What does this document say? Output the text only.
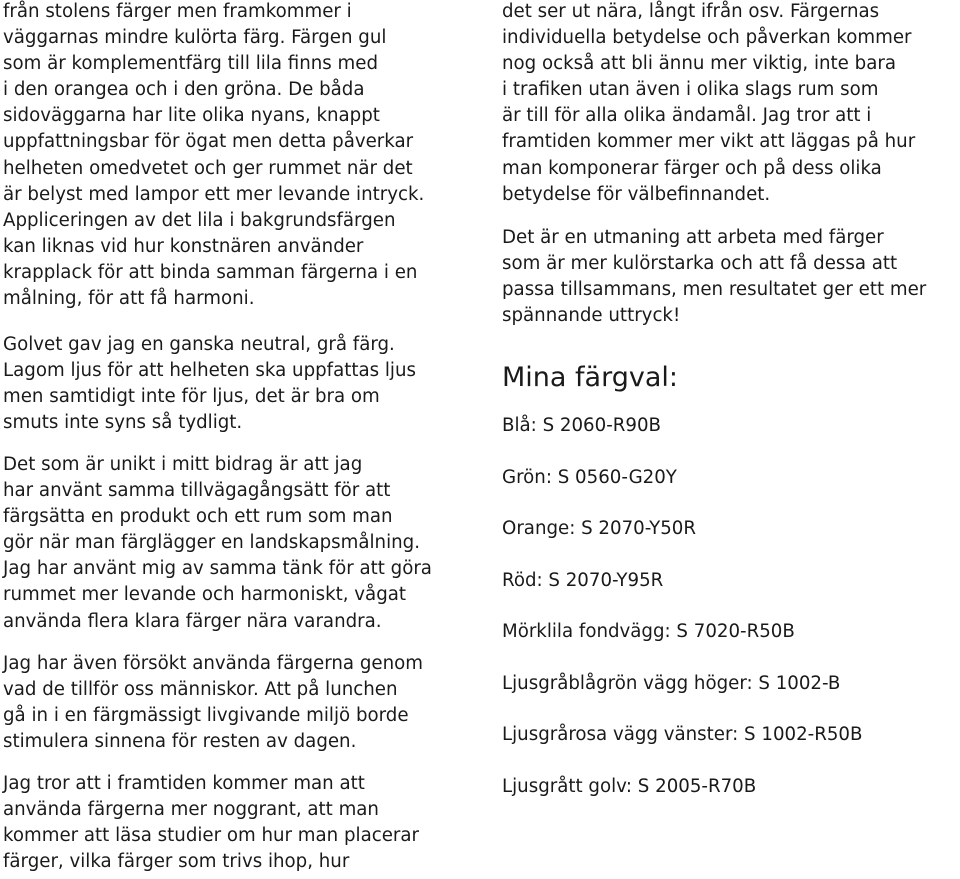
från stolens färger men framkommer i
väggarnas mindre kulörta färg. Färgen gul
som är komplementfärg till lila finns med
i den orangea och i den gröna. De båda
sidoväggarna har lite olika nyans, knappt
uppfattningsbar för ögat men detta påverkar
helheten omedvetet och ger rummet när det
är belyst med lampor ett mer levande intryck.
Appliceringen av det lila i bakgrundsfärgen
kan liknas vid hur konstnären använder
krapplack för att binda samman färgerna i en
målning, för att få harmoni.

Golvet gav jag en ganska neutral, grå färg.
Lagom ljus för att helheten ska uppfattas ljus
men samtidigt inte för ljus, det är bra om
smuts inte syns så tydligt.

Det som är unikt i mitt bidrag är att jag
har använt samma tillvägagångsätt för att
färgsätta en produkt och ett rum som man
gör när man färglägger en landskapsmålning.
Jag har använt mig av samma tänk för att göra
rummet mer levande och harmoniskt, vågat
använda flera klara färger nära varandra.

Jag har även försökt använda färgerna genom
vad de tillför oss människor. Att på lunchen
gå in i en färgmässigt livgivande miljö borde
stimulera sinnena för resten av dagen.

Jag tror att i framtiden kommer man att
använda färgerna mer noggrant, att man
kommer att läsa studier om hur man placerar
färger, vilka färger som trivs ihop, hur

det ser ut nära, långt ifrån osv. Färgernas
individuella betydelse och påverkan kommer
nog också att bli ännu mer viktig, inte bara
i trafiken utan även i olika slags rum som
är till för alla olika ändamål. Jag tror att i
framtiden kommer mer vikt att läggas på hur
man komponerar färger och på dess olika
betydelse för välbefinnandet.

Det är en utmaning att arbeta med färger
som är mer kulörstarka och att få dessa att
passa tillsammans, men resultatet ger ett mer
spännande uttryck!

Mina färgval:
Blå: S 2060-R90B
Grön: S 0560-G20Y
Orange: S 2070-Y50R
Röd: S 2070-Y95R
Mörklila fondvägg: S 7020-R50B
Ljusgråblågrön vägg höger: S 1002-B
Ljusgrårosa vägg vänster: S 1002-R50B
Ljusgrått golv: S 2005-R70B
